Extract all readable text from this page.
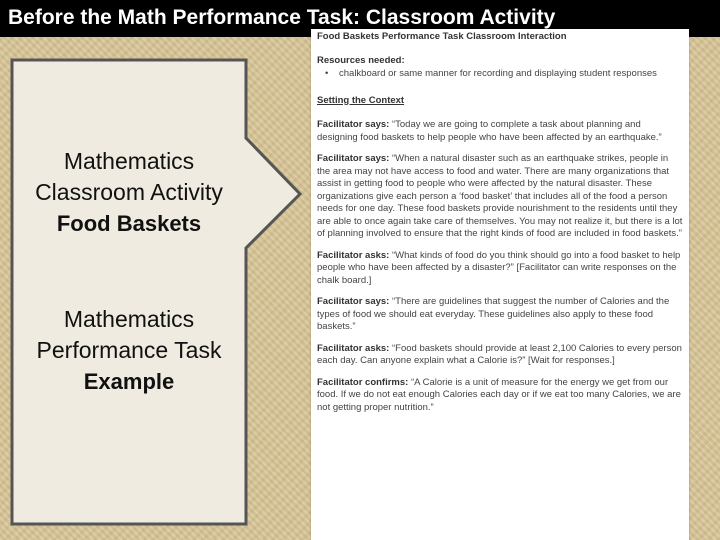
Before the Math Performance Task: Classroom Activity
Mathematics
Classroom Activity
Food Baskets
Mathematics
Performance Task
Example
Food Baskets Performance Task Classroom Interaction
Resources needed:
•	chalkboard or same manner for recording and displaying student responses
Setting the Context
Facilitator says: “Today we are going to complete a task about planning and designing food baskets to help people who have been affected by an earthquake.”
Facilitator says: “When a natural disaster such as an earthquake strikes, people in the area may not have access to food and water. There are many organizations that assist in getting food to people who were affected by the natural disaster. These organizations give each person a ‘food basket’ that includes all of the food a person needs for one day. These food baskets provide nourishment to the residents until they are able to once again take care of themselves. You may not realize it, but there is a lot of planning involved to ensure that the right kinds of food are included in food baskets.”
Facilitator asks: “What kinds of food do you think should go into a food basket to help people who have been affected by a disaster?” [Facilitator can write responses on the chalk board.]
Facilitator says: “There are guidelines that suggest the number of Calories and the types of food we should eat everyday. These guidelines also apply to these food baskets.”
Facilitator asks: “Food baskets should provide at least 2,100 Calories to every person each day. Can anyone explain what a Calorie is?” [Wait for responses.]
Facilitator confirms: “A Calorie is a unit of measure for the energy we get from our food. If we do not eat enough Calories each day or if we eat too many Calories, we are not getting proper nutrition.”
